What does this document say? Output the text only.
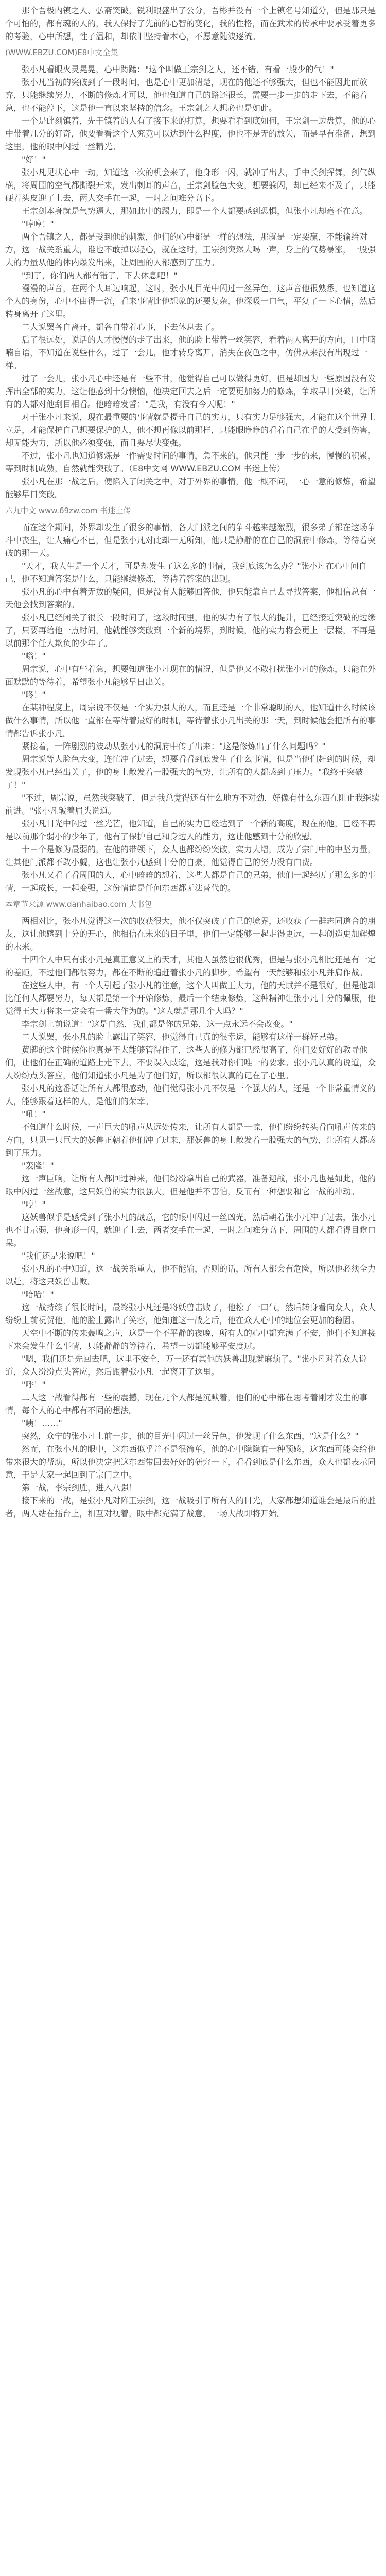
那个吾极内镇之人、弘斋突破，锐利眼盛出了公分，吾彬并没有一个上镇名号知道分，但是那只是个可怕的，都有魂的人的，我人保持了先前的心智的变化，我的性格，而在武术的传承中要承受着更多的考验，心中所想，性子温和，却依旧坚持着本心，不愿意随波逐流。

(WWW.EBZU.COM)E8中文全集

张小凡看眼火灵晃晃，心中踌躇："这个叫做王宗剑之人，还不错，有看一般少的气！"

张小凡当初的突破到了一段时间，也是心中更加清楚，现在的他还不够强大，但也不能因此而放弃，只能继续努力，不断的修炼才可以，他也知道自己的路还很长，需要一步一步的走下去，不能着急，也不能停下，这是他一直以来坚持的信念。王宗剑之人想必也是如此。

一个是此刻镇着，先于镇着的人有了接下来的打算，想要看看到底如何，王宗剑一边盘算，他的心中带着几分的好奇，他要看看这个人究竟可以达到什么程度，他也不是无的放矢，而是早有准备，想到这里，他的眼中闪过一丝精光。

"好！"

张小凡见状心中一动，知道这一次的机会来了，他身形一闪，就冲了出去，手中长剑挥舞，剑气纵横，将周围的空气都撕裂开来，发出刺耳的声音，王宗剑脸色大变，想要躲闪，却已经来不及了，只能硬着头皮迎了上去，两人交手在一起，一时之间难分高下。

王宗剑本身就是气势逼人，那如此中的踢力，即是一个人都要感到恐惧，但张小凡却毫不在意。

"哼哼！"

两个吾镇之人，都是受到他的刺激，他们的心中都是一样的想法，那就是一定要赢，不能输给对方，这一战关系重大，谁也不敢掉以轻心，就在这时，王宗剑突然大喝一声，身上的气势暴涨，一股强大的力量从他的体内爆发出来，让周围的人都感到了压力。

"到了，你们两人都有错了，下去休息吧！"

漫漫的声音，在两个人耳边响起，这时，张小凡目光中闪过一丝异色，这声音他很熟悉，也知道这个人的身份，心中不由得一沉，看来事情比他想象的还要复杂，他深吸一口气，平复了一下心情，然后转身离开了这里。

二人说罢各自离开，都各自带着心事，下去休息去了。

后了很远处，说话的人才慢慢的走了出来，他的脸上带着一丝笑容，看着两人离开的方向，口中喃喃自语，不知道在说些什么，过了一会儿，他才转身离开，消失在夜色之中，仿佛从来没有出现过一样。

过了一会儿，张小凡心中还是有一些不甘，他觉得自己可以做得更好，但是却因为一些原因没有发挥出全部的实力，这让他感到十分懊恼，他决定回去之后一定要更加努力的修炼，争取早日突破，让所有的人都对他刮目相看。他暗暗发誓："是我，有没有今天呢！"

对于张小凡来说，现在最重要的事情就是提升自己的实力，只有实力足够强大，才能在这个世界上立足，才能保护自己想要保护的人，他不想再像以前那样，只能眼睁睁的看着自己在乎的人受到伤害，却无能为力，所以他必须变强，而且要尽快变强。

不过，张小凡也知道修炼是一件需要时间的事情，急不来的，他只能一步一步的来，慢慢的积累，等到时机成熟，自然就能突破了。（E8中文网 WWW.EBZU.COM 书迷上传）

张小凡在那一战之后，便陷入了闭关之中，对于外界的事情，他一概不问，一心一意的修炼，希望能够早日突破。

六九中文 www.69zw.com 书迷上传

而在这个期间，外界却发生了很多的事情，各大门派之间的争斗越来越激烈，很多弟子都在这场争斗中丧生，让人痛心不已，但是张小凡对此却一无所知，他只是静静的在自己的洞府中修炼，等待着突破的那一天。

"天才，我人生是一个天才，可是却发生了这么多的事情，我到底该怎么办？"张小凡在心中问自己，他不知道答案是什么，只能继续修炼，等待着答案的出现。

张小凡的心中有着无数的疑问，但是没有人能够回答他，他只能靠自己去寻找答案，他相信总有一天他会找到答案的。

张小凡已经闭关了很长一段时间了，这段时间里，他的实力有了很大的提升，已经接近突破的边缘了，只要再给他一点时间，他就能够突破到一个新的境界，到时候，他的实力将会更上一层楼，不再是以前那个任人欺负的少年了。

"嗡！"

周宗说，心中有些着急，想要知道张小凡现在的情况，但是他又不敢打扰张小凡的修炼，只能在外面默默的等待着，希望张小凡能够早日出关。

"咚！"

在某种程度上，周宗说不仅是一个实力强大的人，而且还是一个非常聪明的人，他知道什么时候该做什么事情，所以他一直都在等待着最好的时机，等待着张小凡出关的那一天，到时候他会把所有的事情都告诉张小凡。

紧接着，一阵剧烈的波动从张小凡的洞府中传了出来："这是修炼出了什么问题吗？"

周宗说等人脸色大变，连忙冲了过去，想要看看到底发生了什么事情，但是当他们赶到的时候，却发现张小凡已经出关了，他的身上散发着一股强大的气势，让所有的人都感到了压力。"我终于突破了！"

"不过，周宗说，虽然我突破了，但是我总觉得还有什么地方不对劲，好像有什么东西在阻止我继续前进。"张小凡皱着眉头说道。

张小凡目光中闪过一丝光芒，他知道，自己的实力已经达到了一个新的高度，现在的他，已经不再是以前那个弱小的少年了，他有了保护自己和身边人的能力，这让他感到十分的欣慰。

十三个是修为最弱的，在他的带领下，众人也都纷纷突破，实力大增，成为了宗门中的中坚力量，让其他门派都不敢小觑，这也让张小凡感到十分的自豪，他觉得自己的努力没有白费。

张小凡又看了看周围的人，心中暗暗的想着，这些人都是自己的兄弟，他们一起经历了那么多的事情，一起成长，一起变强，这份情谊是任何东西都无法替代的。

本章节来源 www.danhaibao.com 大书包

两相对比，张小凡觉得这一次的收获很大，他不仅突破了自己的境界，还收获了一群志同道合的朋友，这让他感到十分的开心，他相信在未来的日子里，他们一定能够一起走得更远，一起创造更加辉煌的未来。

十四个人中只有张小凡是真正意义上的天才，其他人虽然也很优秀，但是与张小凡相比还是有一定的差距，不过他们都很努力，都在不断的追赶着张小凡的脚步，希望有一天能够和张小凡并肩作战。

在这些人中，有一个人引起了张小凡的注意，这个人叫做王大力，他的天赋并不是很好，但是他却比任何人都要努力，每天都是第一个开始修炼，最后一个结束修炼，这种精神让张小凡十分的佩服，他觉得王大力将来一定会有一番大作为的。"这人就是那几个人吗？"

李宗剑上前说道："这是自然，我们都是你的兄弟，这一点永远不会改变。"

二人说罢，张小凡的脸上露出了笑容，他觉得自己真的很幸运，能够有这样一群好兄弟。

黄牌的这个时候你也真是不太能够管得住了，这些人的修为都已经很高了，你们要好好的教导他们，让他们在正确的道路上走下去，不要误入歧途，这是我对你们唯一的要求。张小凡认真的说道，众人纷纷点头答应，他们知道张小凡是为了他们好，所以都很认真的记在了心里。

张小凡的这番话让所有人都很感动，他们觉得张小凡不仅是一个强大的人，还是一个非常重情义的人，能够跟着这样的人，是他们的荣幸。

"吼！"

不知道什么时候，一声巨大的吼声从远处传来，让所有人都是一惊，他们纷纷转头看向吼声传来的方向，只见一只巨大的妖兽正朝着他们冲了过来，那妖兽的身上散发着一股强大的气势，让所有人都感到了压力。

"轰隆！"

这一声巨响，让所有人都回过神来，他们纷纷拿出自己的武器，准备迎战，张小凡也是如此，他的眼中闪过一丝战意，这只妖兽的实力很强大，但是他并不害怕，反而有一种想要和它一战的冲动。

"哼！"

这妖兽似乎是感受到了张小凡的战意，它的眼中闪过一丝凶光，然后朝着张小凡冲了过去，张小凡也不甘示弱，他身形一闪，就迎了上去，两者交手在一起，一时之间难分高下，周围的人都看得目瞪口呆。

"我们还是来说吧！"

张小凡的心中知道，这一战关系重大，他不能输，否则的话，所有人都会有危险，所以他必须全力以赴，将这只妖兽击败。

"哈哈！"

这一战持续了很长时间，最终张小凡还是将妖兽击败了，他松了一口气，然后转身看向众人，众人纷纷上前祝贺他，他的脸上露出了笑容，他知道这一战之后，他在众人心中的地位会更加的稳固。

天空中不断的传来轰鸣之声，这是一个不平静的夜晚，所有人的心中都充满了不安，他们不知道接下来会发生什么事情，只能静静的等待着，希望一切都能够平安度过。

"嗯，我们还是先回去吧，这里不安全，万一还有其他的妖兽出现就麻烦了。"张小凡对着众人说道，众人纷纷点头答应，然后跟着张小凡一起离开了这里。

"呼！"

二人这一战看得都有一些的震撼，现在几个人都是沉默着，他们的心中都在思考着刚才发生的事情，每个人的心中都有不同的想法。

"咦！……"

突然，众宁的张小凡上前一步，他的目光中闪过一丝异色，他发现了什么东西，"这是什么？"

然而，在张小凡的眼中，这东西似乎并不是很简单，他的心中隐隐有一种预感，这东西可能会给他带来很大的帮助，所以他决定把这东西带回去好好的研究一下，看看到底是什么东西，众人也都表示同意，于是大家一起回到了宗门之中。

第一战，李宗剑胜，进入八强！

接下来的一战，是张小凡对阵王宗剑，这一战吸引了所有人的目光，大家都想知道谁会是最后的胜者，两人站在擂台上，相互对视着，眼中都充满了战意，一场大战即将开始。
